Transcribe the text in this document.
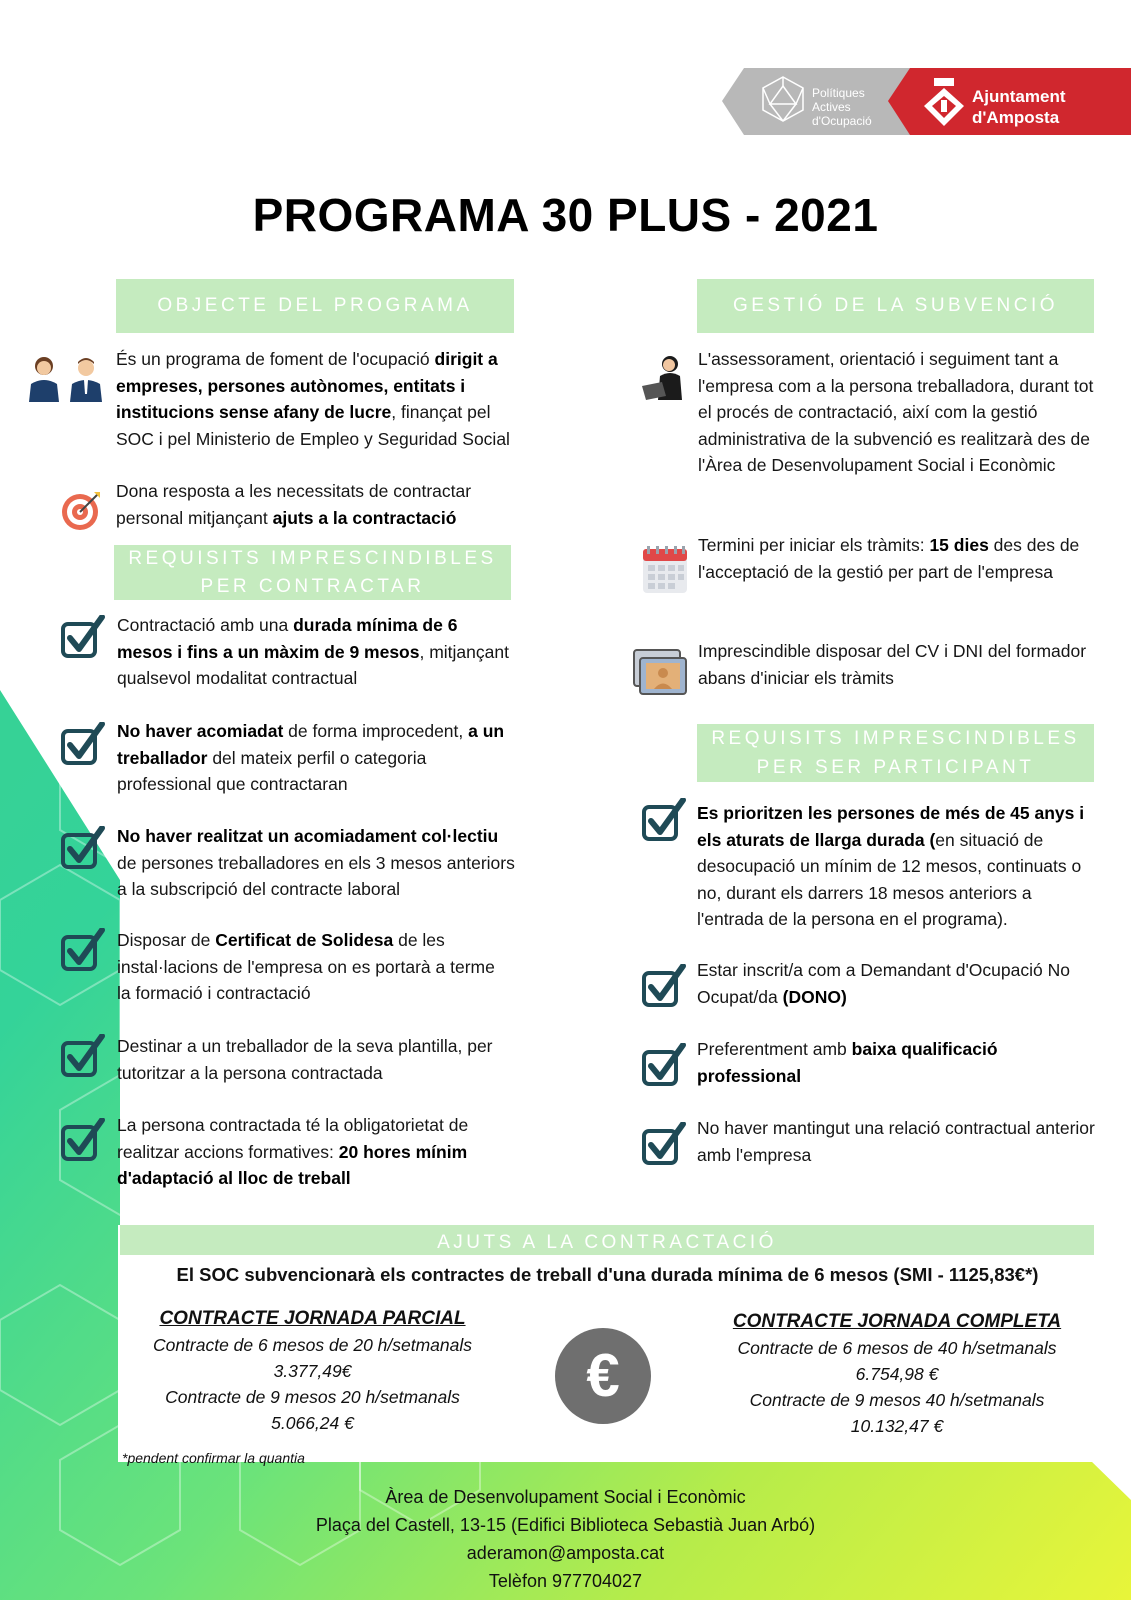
Polítiques
Actives
d'Ocupació
Ajuntament
d'Amposta
PROGRAMA 30 PLUS - 2021
OBJECTE DEL PROGRAMA
És un programa de foment de l'ocupació dirigit a empreses, persones autònomes, entitats i institucions sense afany de lucre, finançat pel SOC i pel Ministerio de Empleo y Seguridad Social
Dona resposta a les necessitats de contractar personal mitjançant ajuts a la contractació
REQUISITS IMPRESCINDIBLES
PER CONTRACTAR
Contractació amb una durada mínima de 6 mesos i fins a un màxim de 9 mesos, mitjançant qualsevol modalitat contractual
No haver acomiadat de forma improcedent, a un treballador del mateix perfil o categoria professional que contractaran
No haver realitzat un acomiadament col·lectiu de persones treballadores en els 3 mesos anteriors a la subscripció del contracte laboral
Disposar de Certificat de Solidesa de les instal·lacions de l'empresa on es portarà a terme la formació i contractació
Destinar a un treballador de la seva plantilla, per tutoritzar a la persona contractada
La persona contractada té la obligatorietat de realitzar accions formatives: 20 hores mínim d'adaptació al lloc de treball
GESTIÓ DE LA SUBVENCIÓ
L'assessorament, orientació i seguiment tant a l'empresa com a la persona treballadora, durant tot el procés de contractació, així com la gestió administrativa de la subvenció es realitzarà des de l'Àrea de Desenvolupament Social i Econòmic
Termini per iniciar els tràmits: 15 dies des des de l'acceptació de la gestió per part de l'empresa
Imprescindible disposar del CV i DNI del formador abans d'iniciar els tràmits
REQUISITS IMPRESCINDIBLES
PER SER PARTICIPANT
Es prioritzen les persones de més de 45 anys i els aturats de llarga durada (en situació de desocupació un mínim de 12 mesos, continuats o no, durant els darrers 18 mesos anteriors a l'entrada de la persona en el programa).
Estar inscrit/a com a Demandant d'Ocupació No Ocupat/da (DONO)
Preferentment amb baixa qualificació professional
No haver mantingut una relació contractual anterior amb l'empresa
AJUTS A LA CONTRACTACIÓ
El SOC subvencionarà els contractes de treball d'una durada mínima de 6 mesos (SMI - 1125,83€*)
CONTRACTE JORNADA PARCIAL
Contracte de 6 mesos de 20 h/setmanals
3.377,49€
Contracte de 9 mesos 20 h/setmanals
5.066,24 €
€
CONTRACTE JORNADA COMPLETA
Contracte de 6 mesos de 40 h/setmanals
6.754,98 €
Contracte de 9 mesos 40 h/setmanals
10.132,47 €
*pendent confirmar la quantia
Àrea de Desenvolupament Social i Econòmic
Plaça del Castell, 13-15 (Edifici Biblioteca Sebastià Juan Arbó)
aderamon@amposta.cat
Telèfon 977704027
